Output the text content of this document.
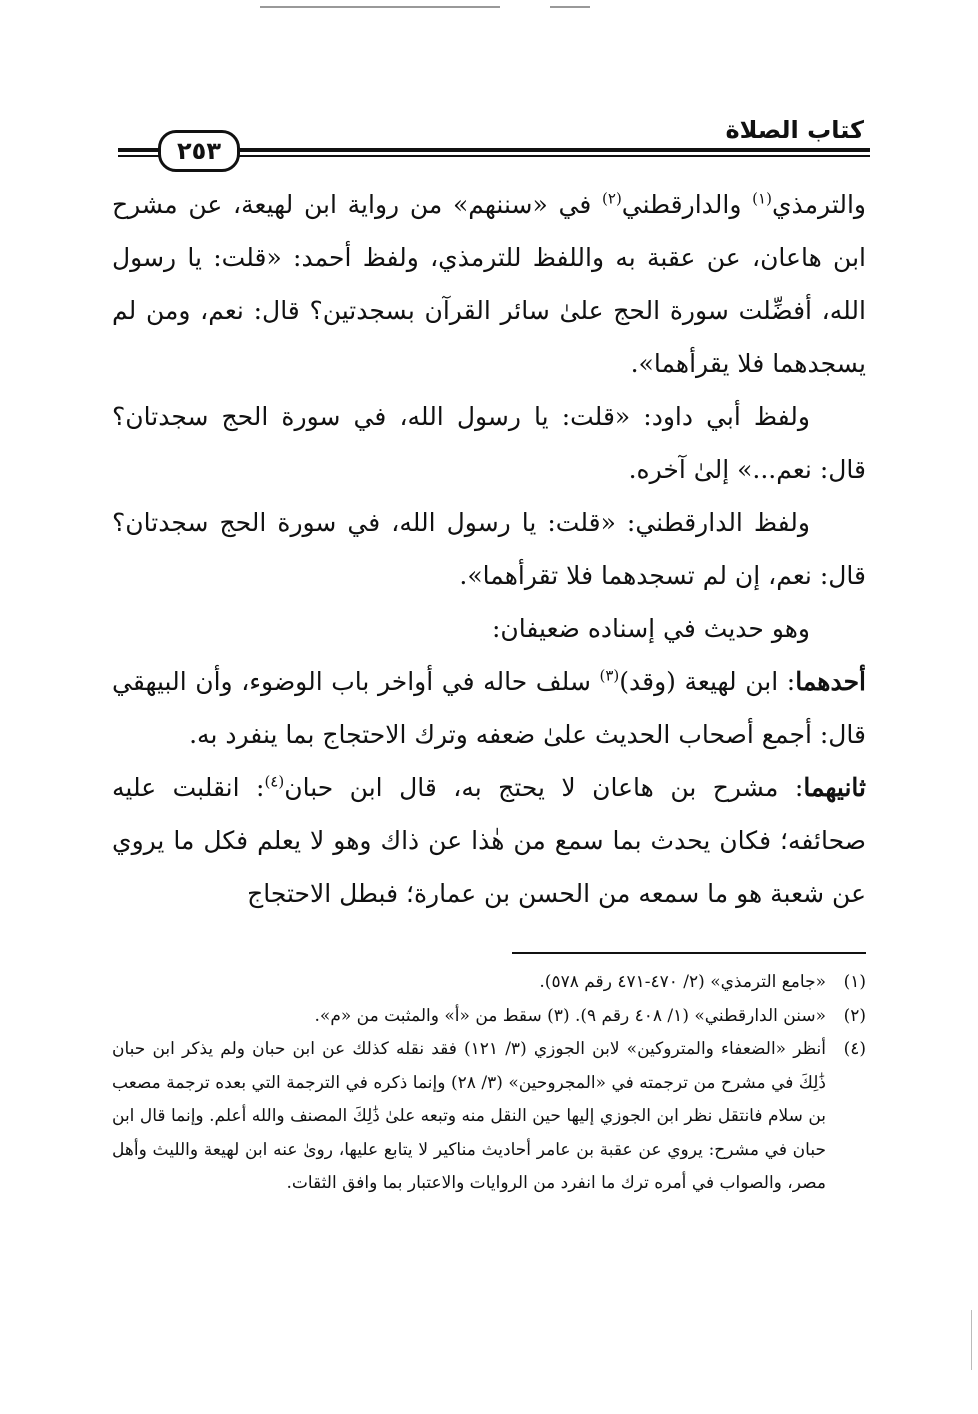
كتاب الصلاة
٢٥٣

والترمذي$^{(١)}$ والدارقطني$^{(٢)}$ في «سننهم» من رواية ابن لهيعة، عن مشرح ابن هاعان، عن عقبة به واللفظ للترمذي، ولفظ أحمد: «قلت: يا رسول الله، أفضِّلت سورة الحج علىٰ سائر القرآن بسجدتين؟ قال: نعم، ومن لم يسجدهما فلا يقرأهما».

ولفظ أبي داود: «قلت: يا رسول الله، في سورة الحج سجدتان؟ قال: نعم...» إلىٰ آخره.

ولفظ الدارقطني: «قلت: يا رسول الله، في سورة الحج سجدتان؟ قال: نعم، إن لم تسجدهما فلا تقرأهما».

وهو حديث في إسناده ضعيفان:

أحدهما: ابن لهيعة (وقد)$^{(٣)}$ سلف حاله في أواخر باب الوضوء، وأن البيهقي قال: أجمع أصحاب الحديث علىٰ ضعفه وترك الاحتجاج بما ينفرد به.

ثانيهما: مشرح بن هاعان لا يحتج به، قال ابن حبان$^{(٤)}$: انقلبت عليه صحائفه؛ فكان يحدث بما سمع من هٰذا عن ذاك وهو لا يعلم فكل ما يروي عن شعبة هو ما سمعه من الحسن بن عمارة؛ فبطل الاحتجاج

(١)
«جامع الترمذي» (٢/ ٤٧٠-٤٧١ رقم ٥٧٨).

(٢)
«سنن الدارقطني» (١/ ٤٠٨ رقم ٩). (٣) سقط من «أ» والمثبت من «م».

(٤)
أنظر «الضعفاء والمتروكين» لابن الجوزي (٣/ ١٢١) فقد نقله كذلك عن ابن حبان ولم يذكر ابن حبان ذَٰلِكَ في مشرح من ترجمته في «المجروحين» (٣/ ٢٨) وإنما ذكره في الترجمة التي بعده ترجمة مصعب بن سلام فانتقل نظر ابن الجوزي إليها حين النقل منه وتبعه علىٰ ذَٰلِكَ المصنف والله أعلم. وإنما قال ابن حبان في مشرح: يروي عن عقبة بن عامر أحاديث مناكير لا يتابع عليها، روىٰ عنه ابن لهيعة والليث وأهل مصر، والصواب في أمره ترك ما انفرد من الروايات والاعتبار بما وافق الثقات.
